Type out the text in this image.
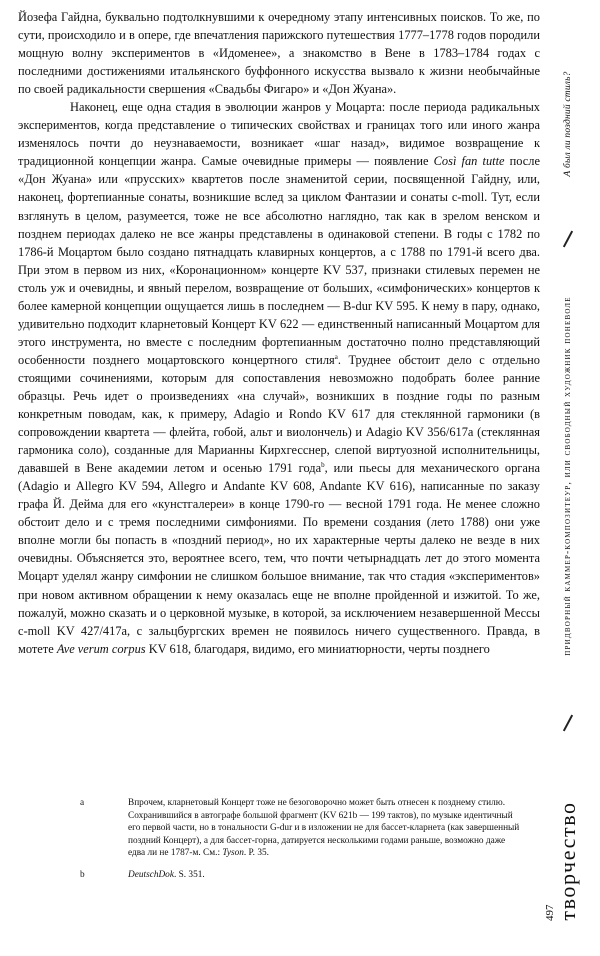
Йозефа Гайдна, буквально подтолкнувшими к очередному этапу интенсивных поисков. То же, по сути, происходило и в опере, где впечатления парижского путешествия 1777–1778 годов породили мощную волну экспериментов в «Идоменее», а знакомство в Вене в 1783–1784 годах с последними достижениями итальянского буффонного искусства вызвало к жизни необычайные по своей радикальности свершения «Свадьбы Фигаро» и «Дон Жуана».

Наконец, еще одна стадия в эволюции жанров у Моцарта: после периода радикальных экспериментов, когда представление о типических свойствах и границах того или иного жанра изменялось почти до неузнаваемости, возникает «шаг назад», видимое возвращение к традиционной концепции жанра. Самые очевидные примеры — появление Così fan tutte после «Дон Жуана» или «прусских» квартетов после знаменитой серии, посвященной Гайдну, или, наконец, фортепианные сонаты, возникшие вслед за циклом Фантазии и сонаты c-moll. Тут, если взглянуть в целом, разумеется, тоже не все абсолютно наглядно, так как в зрелом венском и позднем периодах далеко не все жанры представлены в одинаковой степени. В годы с 1782 по 1786-й Моцартом было создано пятнадцать клавирных концертов, а с 1788 по 1791-й всего два. При этом в первом из них, «Коронационном» концерте KV 537, признаки стилевых перемен не столь уж и очевидны, и явный перелом, возвращение от больших, «симфонических» концертов к более камерной концепции ощущается лишь в последнем — B-dur KV 595. К нему в пару, однако, удивительно подходит кларнетовый Концерт KV 622 — единственный написанный Моцартом для этого инструмента, но вместе с последним фортепианным достаточно полно представляющий особенности позднего моцартовского концертного стиля$^a$. Труднее обстоит дело с отдельно стоящими сочинениями, которым для сопоставления невозможно подобрать более ранние образцы. Речь идет о произведениях «на случай», возникших в поздние годы по разным конкретным поводам, как, к примеру, Adagio и Rondo KV 617 для стеклянной гармоники (в сопровождении квартета — флейта, гобой, альт и виолончель) и Adagio KV 356/617a (стеклянная гармоника соло), созданные для Марианны Кирхгесснер, слепой виртуозной исполнительницы, дававшей в Вене академии летом и осенью 1791 года$^b$, или пьесы для механического органа (Adagio и Allegro KV 594, Allegro и Andante KV 608, Andante KV 616), написанные по заказу графа Й. Дейма для его «кунстгалереи» в конце 1790-го — весной 1791 года. Не менее сложно обстоит дело и с тремя последними симфониями. По времени создания (лето 1788) они уже вполне могли бы попасть в «поздний период», но их характерные черты далеко не везде в них очевидны. Объясняется это, вероятнее всего, тем, что почти четырнадцать лет до этого момента Моцарт уделял жанру симфонии не слишком большое внимание, так что стадия «экспериментов» при новом активном обращении к нему оказалась еще не вполне пройденной и изжитой. То же, пожалуй, можно сказать и о церковной музыке, в которой, за исключением незавершенной Мессы c-moll KV 427/417a, с зальцбургских времен не появилось ничего существенного. Правда, в мотете Ave verum corpus KV 618, благодаря, видимо, его миниатюрности, черты позднего

a	Впрочем, кларнетовый Концерт тоже не безоговорочно может быть отнесен к позднему стилю. Сохранившийся в автографе большой фрагмент (KV 621b — 199 тактов), по музыке идентичный его первой части, но в тональности G-dur и в изложении не для бассет-кларнета (как завершенный поздний Концерт), а для бассет-горна, датируется несколькими годами раньше, возможно даже едва ли не 1787-м. См.: Tyson. P. 35.
b	DeutschDok. S. 351.
А был ли поздний стиль?
придворный каммер-композитеур, или свободный художник поневоле
творчество
497
